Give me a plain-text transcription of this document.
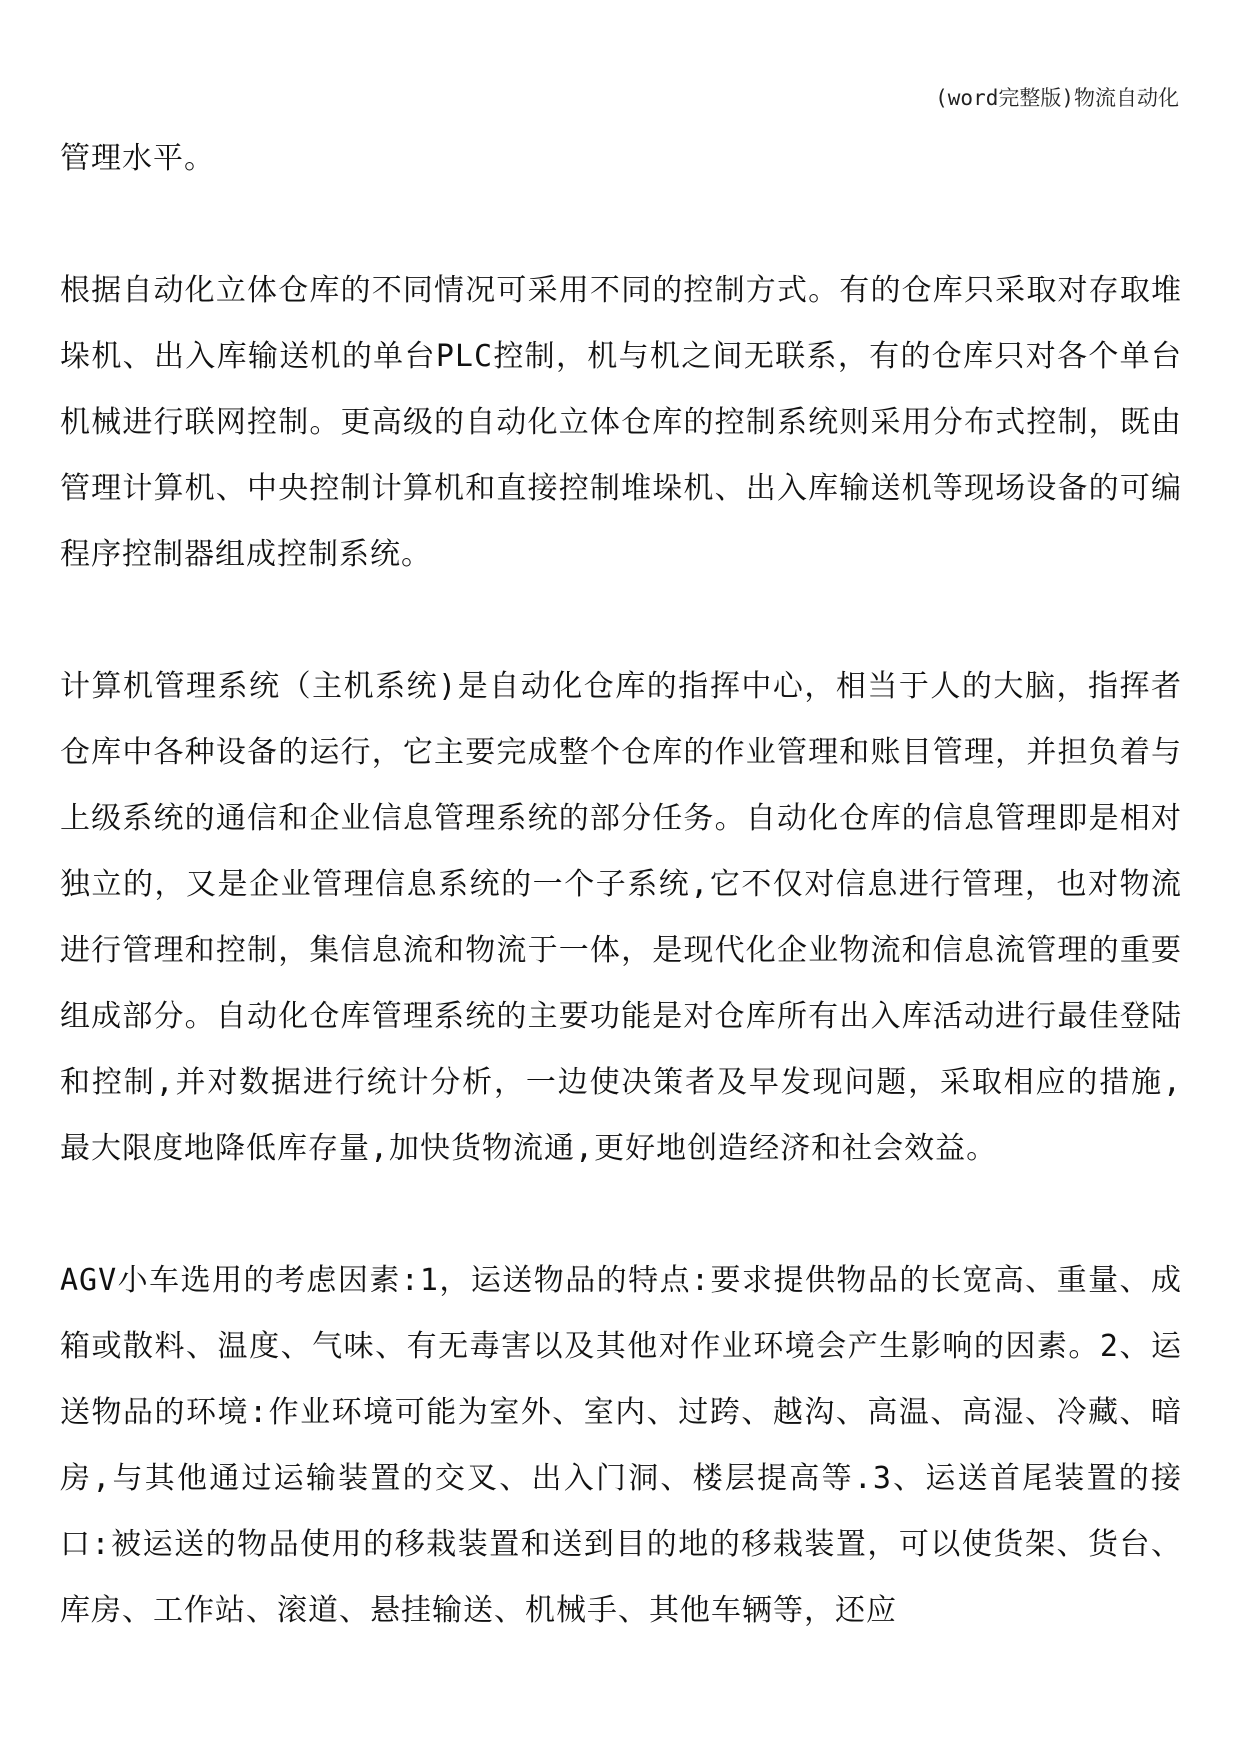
(word完整版)物流自动化

管理水平。

根据自动化立体仓库的不同情况可采用不同的控制方式。有的仓库只采取对存取堆垛机、出入库输送机的单台PLC控制，机与机之间无联系，有的仓库只对各个单台机械进行联网控制。更高级的自动化立体仓库的控制系统则采用分布式控制，既由管理计算机、中央控制计算机和直接控制堆垛机、出入库输送机等现场设备的可编程序控制器组成控制系统。

计算机管理系统（主机系统)是自动化仓库的指挥中心，相当于人的大脑，指挥者仓库中各种设备的运行，它主要完成整个仓库的作业管理和账目管理，并担负着与上级系统的通信和企业信息管理系统的部分任务。自动化仓库的信息管理即是相对独立的，又是企业管理信息系统的一个子系统,它不仅对信息进行管理，也对物流进行管理和控制，集信息流和物流于一体，是现代化企业物流和信息流管理的重要组成部分。自动化仓库管理系统的主要功能是对仓库所有出入库活动进行最佳登陆和控制,并对数据进行统计分析，一边使决策者及早发现问题，采取相应的措施,最大限度地降低库存量,加快货物流通,更好地创造经济和社会效益。

AGV小车选用的考虑因素:1，运送物品的特点:要求提供物品的长宽高、重量、成箱或散料、温度、气味、有无毒害以及其他对作业环境会产生影响的因素。2、运送物品的环境:作业环境可能为室外、室内、过跨、越沟、高温、高湿、冷藏、暗房,与其他通过运输装置的交叉、出入门洞、楼层提高等.3、运送首尾装置的接口:被运送的物品使用的移栽装置和送到目的地的移栽装置，可以使货架、货台、库房、工作站、滚道、悬挂输送、机械手、其他车辆等，还应
